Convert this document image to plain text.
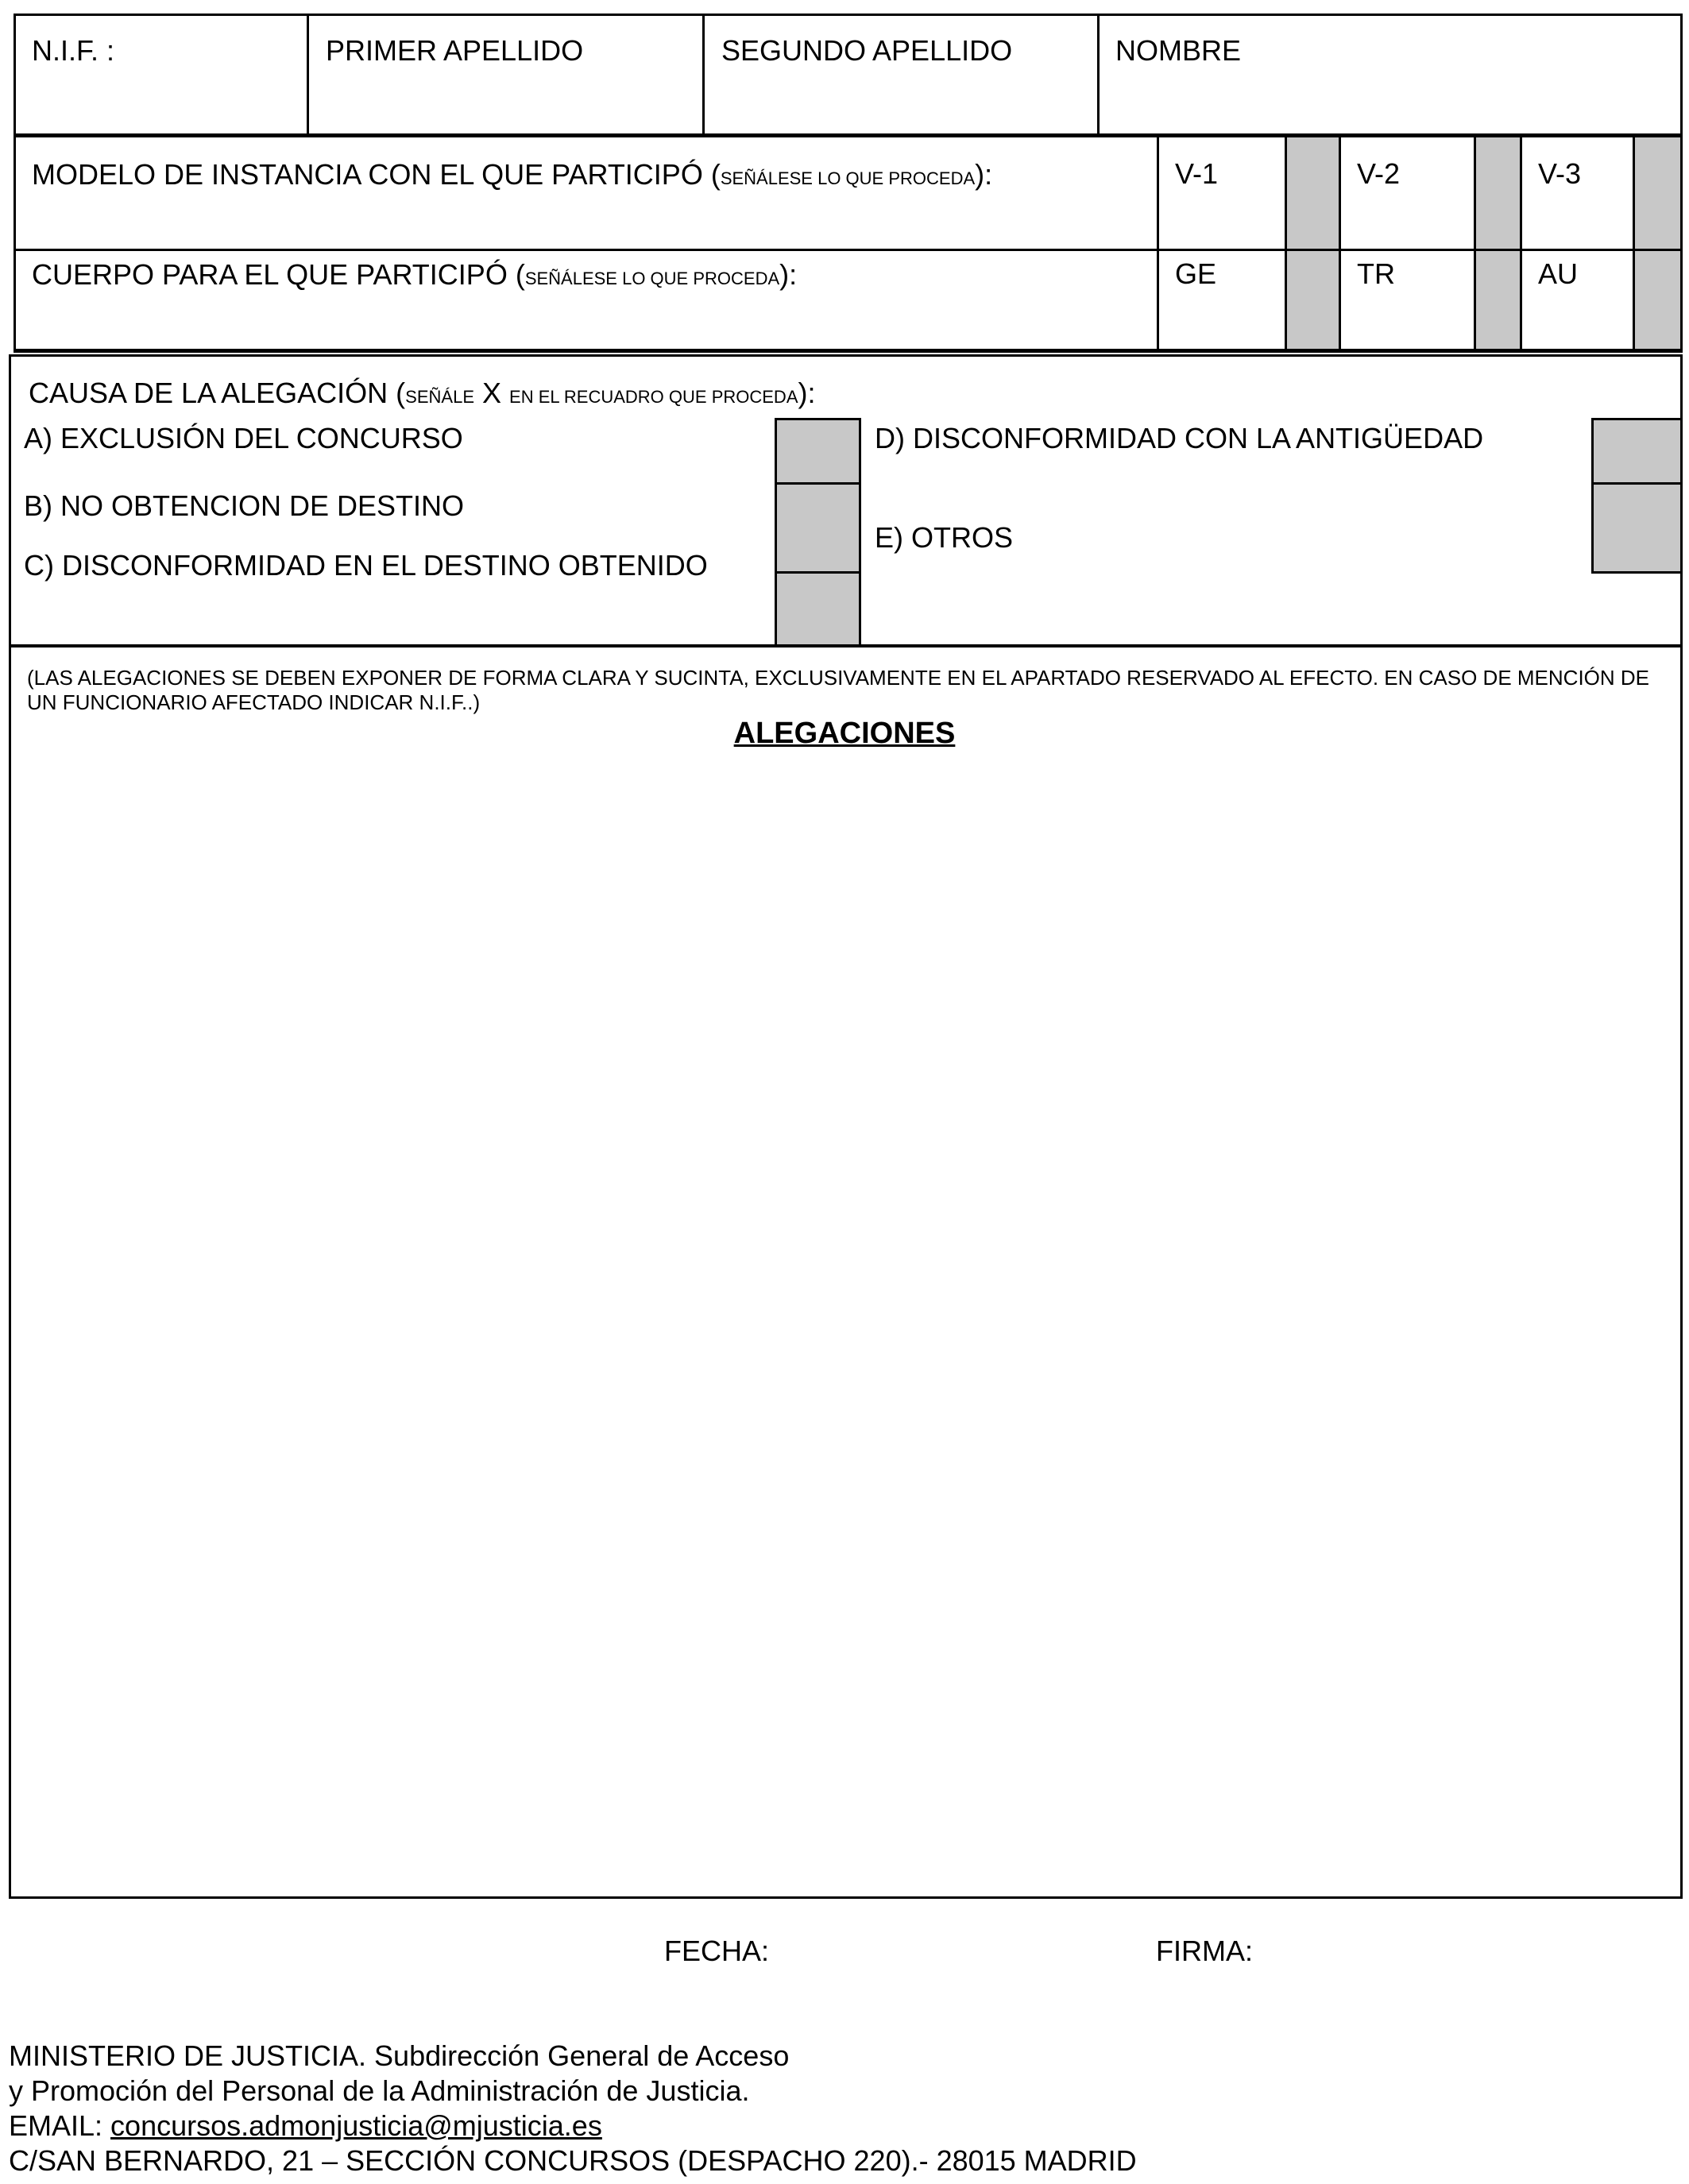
N.I.F. :	PRIMER APELLIDO	SEGUNDO APELLIDO	NOMBRE
MODELO DE INSTANCIA CON EL QUE PARTICIPÓ (SEÑÁLESE LO QUE PROCEDA):	V-1	V-2	V-3
CUERPO PARA EL QUE PARTICIPÓ (SEÑÁLESE LO QUE PROCEDA):	GE	TR	AU
CAUSA DE LA ALEGACIÓN (SEÑÁLE X EN EL RECUADRO QUE PROCEDA):
A) EXCLUSIÓN DEL CONCURSO
B) NO OBTENCION DE DESTINO
C) DISCONFORMIDAD EN EL DESTINO OBTENIDO
D) DISCONFORMIDAD CON LA ANTIGÜEDAD
E) OTROS
(LAS ALEGACIONES SE DEBEN EXPONER DE FORMA CLARA Y SUCINTA, EXCLUSIVAMENTE EN EL APARTADO RESERVADO AL EFECTO. EN CASO DE MENCIÓN DE UN FUNCIONARIO AFECTADO INDICAR N.I.F..)
ALEGACIONES
FECHA:	FIRMA:
MINISTERIO DE JUSTICIA. Subdirección General de Acceso
y Promoción del Personal de la Administración de Justicia.
EMAIL: concursos.admonjusticia@mjusticia.es
C/SAN BERNARDO, 21 – SECCIÓN CONCURSOS (DESPACHO 220).- 28015 MADRID
